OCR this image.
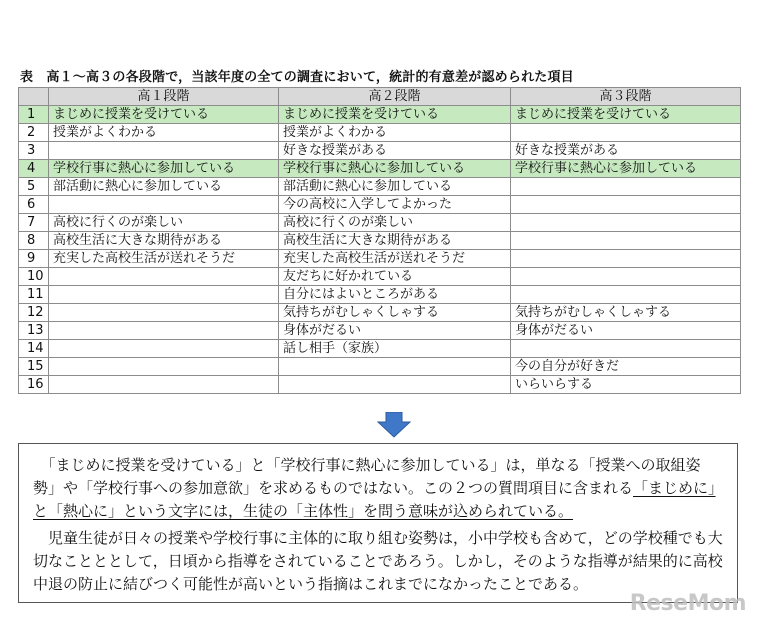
表　高１～高３の各段階で，当該年度の全ての調査において，統計的有意差が認められた項目
	高１段階	高２段階	高３段階
1	まじめに授業を受けている	まじめに授業を受けている	まじめに授業を受けている
2	授業がよくわかる	授業がよくわかる	
3		好きな授業がある	好きな授業がある
4	学校行事に熱心に参加している	学校行事に熱心に参加している	学校行事に熱心に参加している
5	部活動に熱心に参加している	部活動に熱心に参加している	
6		今の高校に入学してよかった	
7	高校に行くのが楽しい	高校に行くのが楽しい	
8	高校生活に大きな期待がある	高校生活に大きな期待がある	
9	充実した高校生活が送れそうだ	充実した高校生活が送れそうだ	
10		友だちに好かれている	
11		自分にはよいところがある	
12		気持ちがむしゃくしゃする	気持ちがむしゃくしゃする
13		身体がだるい	身体がだるい
14		話し相手（家族）	
15			今の自分が好きだ
16			いらいらする

　「まじめに授業を受けている」と「学校行事に熱心に参加している」は，単なる「授業への取組姿勢」や「学校行事への参加意欲」を求めるものではない。この２つの質問項目に含まれる「まじめに」と「熱心に」という文字には，生徒の「主体性」を問う意味が込められている。

　児童生徒が日々の授業や学校行事に主体的に取り組む姿勢は，小中学校も含めて，どの学校種でも大切なことととして，日頃から指導をされていることであろう。しかし，そのような指導が結果的に高校中退の防止に結びつく可能性が高いという指摘はこれまでになかったことである。

ReseMom
